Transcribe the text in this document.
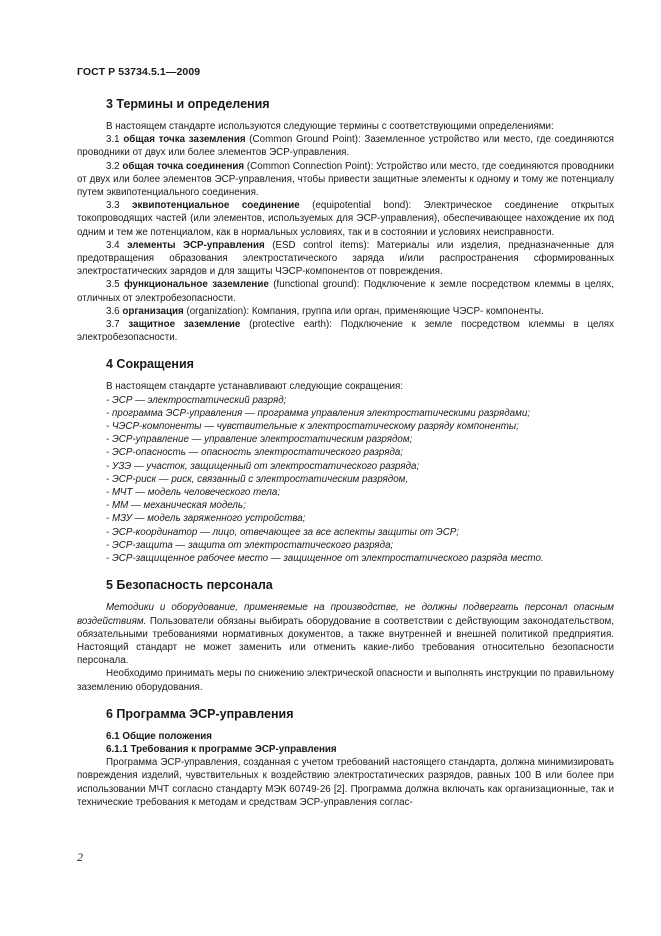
ГОСТ Р 53734.5.1—2009
3 Термины и определения

В настоящем стандарте используются следующие термины с соответствующими определениями:

3.1 общая точка заземления (Common Ground Point): Заземленное устройство или место, где соединяются проводники от двух или более элементов ЭСР-управления.

3.2 общая точка соединения (Common Connection Point): Устройство или место, где соединяются проводники от двух или более элементов ЭСР-управления, чтобы привести защитные элементы к одному и тому же потенциалу путем эквипотенциального соединения.

3.3 эквипотенциальное соединение (equipotential bond): Электрическое соединение открытых токопроводящих частей (или элементов, используемых для ЭСР-управления), обеспечивающее нахождение их под одним и тем же потенциалом, как в нормальных условиях, так и в состоянии и условиях неисправности.

3.4 элементы ЭСР-управления (ESD control items): Материалы или изделия, предназначенные для предотвращения образования электростатического заряда и/или распространения сформированных электростатических зарядов и для защиты ЧЭСР-компонентов от повреждения.

3.5 функциональное заземление (functional ground): Подключение к земле посредством клеммы в целях, отличных от электробезопасности.

3.6 организация (organization): Компания, группа или орган, применяющие ЧЭСР- компоненты.

3.7 защитное заземление (protective earth): Подключение к земле посредством клеммы в целях электробезопасности.

4 Сокращения

В настоящем стандарте устанавливают следующие сокращения:

- ЭСР — электростатический разряд;
- программа ЭСР-управления — программа управления электростатическими разрядами;
- ЧЭСР-компоненты — чувствительные к электростатическому разряду компоненты;
- ЭСР-управление — управление электростатическим разрядом;
- ЭСР-опасность — опасность электростатического разряда;
- УЗЭ — участок, защищенный от электростатического разряда;
- ЭСР-риск — риск, связанный с электростатическим разрядом,
- МЧТ — модель человеческого тела;
- ММ — механическая модель;
- МЗУ — модель заряженного устройства;
- ЭСР-координатор — лицо, отвечающее за все аспекты защиты от ЭСР;
- ЭСР-защита — защита от электростатического разряда;
- ЭСР-защищенное рабочее место — защищенное от электростатического разряда место.
5 Безопасность персонала

Методики и оборудование, применяемые на производстве, не должны подвергать персонал опасным воздействиям. Пользователи обязаны выбирать оборудование в соответствии с действующим законодательством, обязательными требованиями нормативных документов, а также внутренней и внешней политикой предприятия. Настоящий стандарт не может заменить или отменить какие-либо требования относительно безопасности персонала.

Необходимо принимать меры по снижению электрической опасности и выполнять инструкции по правильному заземлению оборудования.

6 Программа ЭСР-управления
6.1 Общие положения
6.1.1 Требования к программе ЭСР-управления

Программа ЭСР-управления, созданная с учетом требований настоящего стандарта, должна минимизировать повреждения изделий, чувствительных к воздействию электростатических разрядов, равных 100 В или более при использовании МЧТ согласно стандарту МЭК 60749-26 [2]. Программа должна включать как организационные, так и технические требования к методам и средствам ЭСР-управления соглас-

2
